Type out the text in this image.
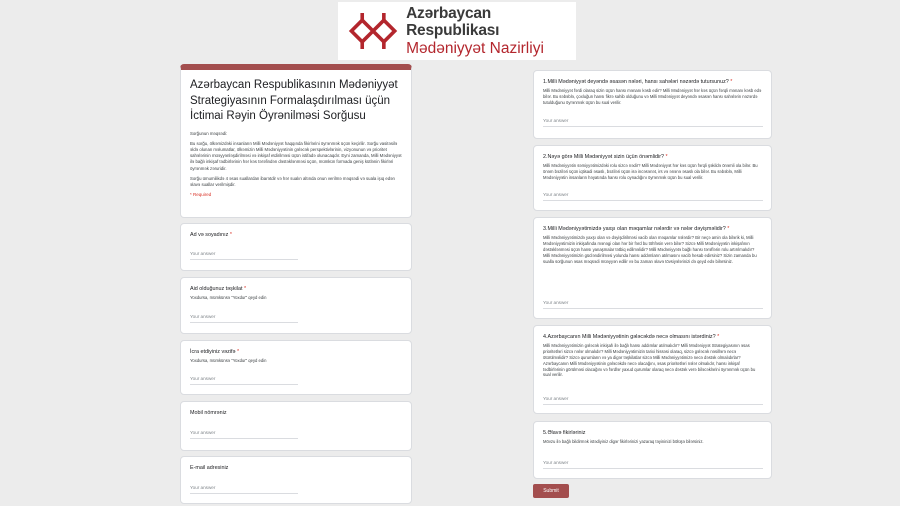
Azərbaycan Respublikası
Mədəniyyət Nazirliyi
Azərbaycan Respublikasının Mədəniyyət Strategiyasının Formalaşdırılması üçün İctimai Rəyin Öyrənilməsi Sorğusu

Sorğunun məqsədi:

Bu sorğu, ölkəmizdəki insanların Milli Mədəniyyət haqqında fikirlərini öyrənmək üçün keçirilir. Sorğu vasitəsilə əldə olunan məlumatlar, ölkəmizin Milli Mədəniyyətinin gələcək perspektivlərinin, vizyonunun və prioritet sahələrinin müəyyənləşdirilməsi və inkişaf etdirilməsi üçün istifadə olunacaqdır. Eyni zamanda, Milli Mədəniyyət ilə bağlı inkişaf tədbirlərinin hər kəs tərəfindən dəstəklənməsi üçün, mümkün formada geniş kütlənin fikirləri öyrənmək zəruridir.

Sorğu ümumilikdə 4 əsas suallardan ibarətdir və hər sualın altında onun verilmə məqsədi və suala işıq edən əlavə suallar verilmişdir.

* Required
Ad və soyadınız *
Your answer
Aid olduğunuz təşkilat *
Yoxdursa, mümkünsə "Yoxdur" qeyd edin
Your answer
İcra etdiyiniz vəzifə *
Yoxdursa, mümkünsə "Yoxdur" qeyd edin
Your answer
Mobil nömrəniz
Your answer
E-mail adresiniz
Your answer
1.Milli Mədəniyyət deyəndə əsasən nələri, hansı sahələri nəzərdə tutursunuz? *
Milli Mədəniyyət fərdi olaraq sizin üçün hansı mənanı kəsb edir? Milli Mədəniyyət hər kəs üçün fərqli mənanı kəsb edə bilər. Bu səbəblə, çoxluğun hansı fikrə sahib olduğunu və Milli Mədəniyyət deyəndə əsasən hansı sahələrin nəzərdə tutulduğunu öyrənmək üçün bu sual verilir.
Your answer
2.Nəyə görə Milli Mədəniyyət sizin üçün önəmlidir? *
Milli Mədəniyyətin səmiyyətimizdəki rolu sizcə nədir? Milli Mədəniyyət hər kəs üçün fərqli şəkildə önəmli ola bilər. Bu önəm bəziləri üçün iqtisadi əsaslı, bəziləri üçün isə incəsənət, irs və ənənə əsaslı ola bilər. Bu səbəblə, Milli Mədəniyyətin insanların həyatında hansı rolu oynadığını öyrənmək üçün bu sual verilir.
Your answer
3.Milli Mədəniyyətimizdə yaxşı olan məqamlar nələrdir və nələr dəyişməlidir? *
Milli Mədəniyyətimizdə yaxşı olan və dəyişdirilməsi vacib olan məqamlar nələrdir? Bir neçə amin ola bilərik ki, Milli Mədəniyyətimizin inkişafında mənəgi olan hər bir fərd bu töhfəsin verə bilər? Sizcə Milli Mədəniyyətin inkişafının dəstəklənməsi üçün hansı yanaşmalar tətbiq edilməlidir? Milli Mədəniyyətə bağlı hansı tərəflərin rolu artırılmalıdır? Milli Mədəniyyətimizin gücləndirilməsi yolunda hansı addımların atılmasını vacib hesab edirsiniz? Sizin zamanda bu sualla sorğunun əsas məqsədi müəyyən edilir və bu zaman əlavə tövsiyələrinizi də qeyd edə bilərsiniz.
Your answer
4.Azərbaycanın Milli Mədəniyyətinin gələcəkdə necə olmasını istərdiniz? *
Milli Mədəniyyətimizin gələcək inkişafı ilə bağlı hansı addımlar atılmalıdır? Milli Mədəniyyət Strategiyasının əsas prioritetləri sizcə nələr olmalıdır? Milli Mədəniyyətimizin tarixi hissəsi olaraq, sizcə gələcək nəsillərə necə ötürülməlidir? Sizcə qurumların və ya digər təşkilatlar sizcə Milli Mədəniyyətimizə necə dəstək olmalıdırlar? Azərbaycanın Milli Mədəniyyətinin gələcəkdə necə olacağını, əsas prioritetləri nələr olmalıdır, hansı inkişaf tədbirlərinin görülməsi olacağını və fərdlər yaxud qurumlar olaraq necə dəstək verə biləcəklərini öyrənmək üçün bu sual verilir.
Your answer
5.Əlavə fikirləriniz
Mövzu ilə bağlı bildirmək istədiyiniz digər fikirlərinizi yazaraq təyininizi bölüşə bilərsiniz.
Your answer
Submit
